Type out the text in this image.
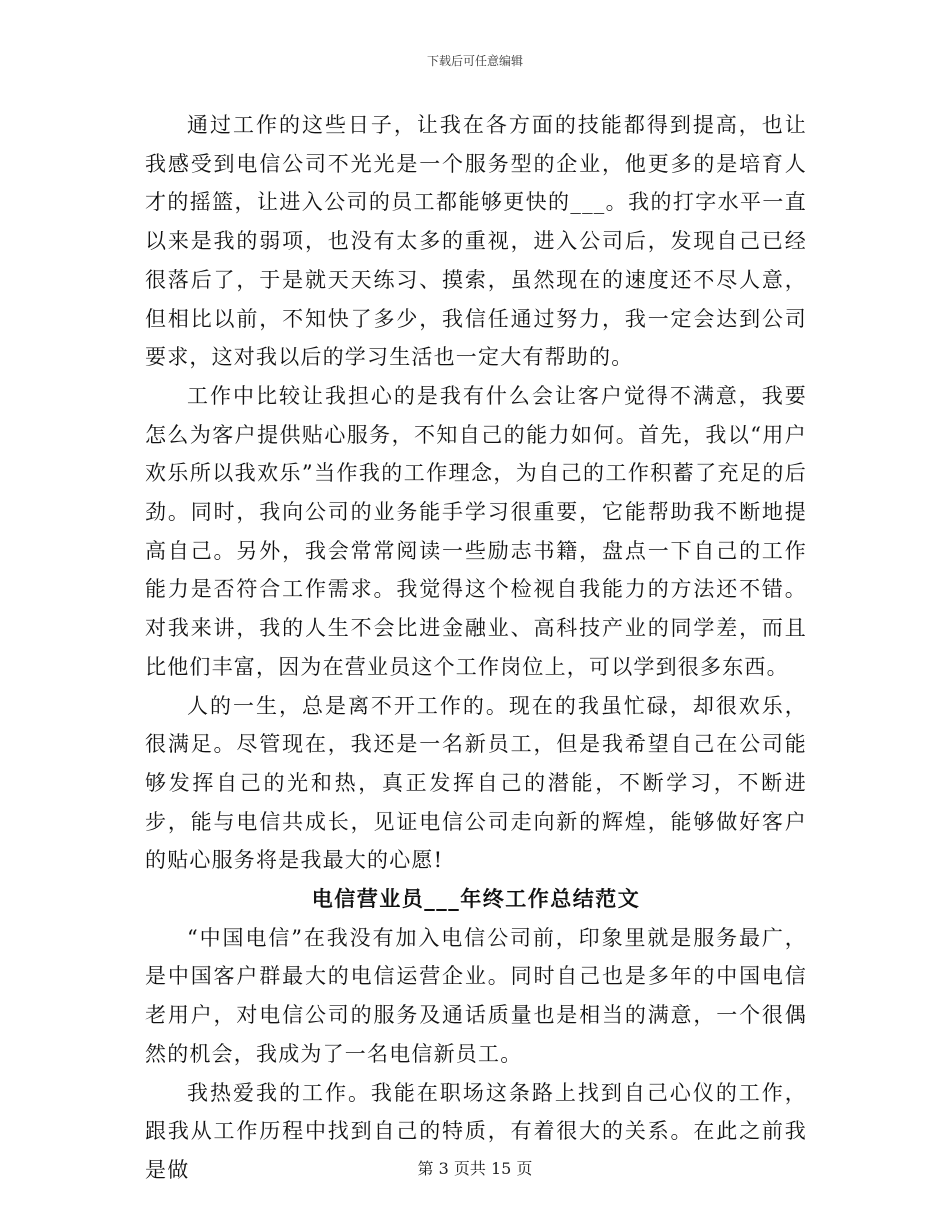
下载后可任意编辑

通过工作的这些日子，让我在各方面的技能都得到提高，也让我感受到电信公司不光光是一个服务型的企业，他更多的是培育人才的摇篮，让进入公司的员工都能够更快的___。我的打字水平一直以来是我的弱项，也没有太多的重视，进入公司后，发现自己已经很落后了，于是就天天练习、摸索，虽然现在的速度还不尽人意，但相比以前，不知快了多少，我信任通过努力，我一定会达到公司要求，这对我以后的学习生活也一定大有帮助的。

工作中比较让我担心的是我有什么会让客户觉得不满意，我要怎么为客户提供贴心服务，不知自己的能力如何。首先，我以“用户欢乐所以我欢乐”当作我的工作理念，为自己的工作积蓄了充足的后劲。同时，我向公司的业务能手学习很重要，它能帮助我不断地提高自己。另外，我会常常阅读一些励志书籍，盘点一下自己的工作能力是否符合工作需求。我觉得这个检视自我能力的方法还不错。对我来讲，我的人生不会比进金融业、高科技产业的同学差，而且比他们丰富，因为在营业员这个工作岗位上，可以学到很多东西。

人的一生，总是离不开工作的。现在的我虽忙碌，却很欢乐，很满足。尽管现在，我还是一名新员工，但是我希望自己在公司能够发挥自己的光和热，真正发挥自己的潜能，不断学习，不断进步，能与电信共成长，见证电信公司走向新的辉煌，能够做好客户的贴心服务将是我最大的心愿!

电信营业员___年终工作总结范文

“中国电信”在我没有加入电信公司前，印象里就是服务最广，是中国客户群最大的电信运营企业。同时自己也是多年的中国电信老用户，对电信公司的服务及通话质量也是相当的满意，一个很偶然的机会，我成为了一名电信新员工。

我热爱我的工作。我能在职场这条路上找到自己心仪的工作，跟我从工作历程中找到自己的特质，有着很大的关系。在此之前我是做	第 3 页共 15 页
